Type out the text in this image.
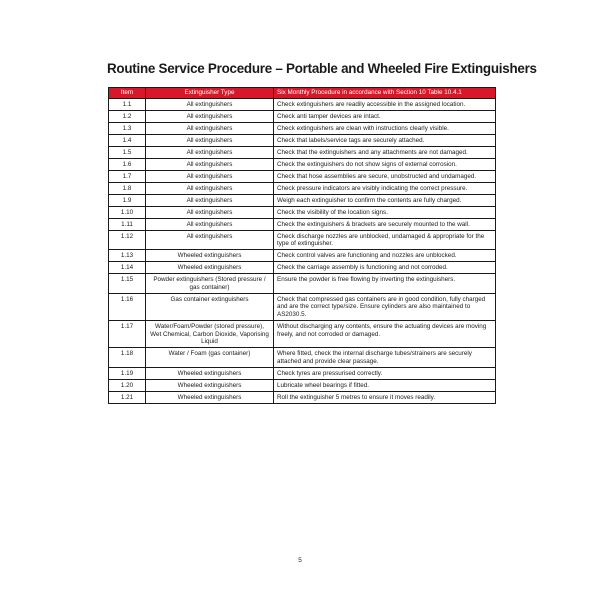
Routine Service Procedure – Portable and Wheeled Fire Extinguishers
Item	Extinguisher Type	Six Monthly Procedure in accordance with Section 10 Table 10.4.1
1.1	All extinguishers	Check extinguishers are readily accessible in the assigned location.
1.2	All extinguishers	Check anti tamper devices are intact.
1.3	All extinguishers	Check extinguishers are clean with instructions clearly visible.
1.4	All extinguishers	Check that labels/service tags are securely attached.
1.5	All extinguishers	Check that the extinguishers and any attachments are not damaged.
1.6	All extinguishers	Check the extinguishers do not show signs of external corrosion.
1.7	All extinguishers	Check that hose assemblies are secure, unobstructed and undamaged.
1.8	All extinguishers	Check pressure indicators are visibly indicating the correct pressure.
1.9	All extinguishers	Weigh each extinguisher to confirm the contents are fully charged.
1.10	All extinguishers	Check the visibility of the location signs.
1.11	All extinguishers	Check the extinguishers & brackets are securely mounted to the wall.
1.12	All extinguishers	Check discharge nozzles are unblocked, undamaged & appropriate for the type of extinguisher.
1.13	Wheeled extinguishers	Check control valves are functioning and nozzles are unblocked.
1.14	Wheeled extinguishers	Check the carriage assembly is functioning and not corroded.
1.15	Powder extinguishers (Stored pressure / gas container)	Ensure the powder is free flowing by inverting the extinguishers.
1.16	Gas container extinguishers	Check that compressed gas containers are in good condition, fully charged and are the correct type/size. Ensure cylinders are also maintained to AS2030.5.
1.17	Water/Foam/Powder (stored pressure), Wet Chemical, Carbon Dioxide, Vaporising Liquid	Without discharging any contents, ensure the actuating devices are moving freely, and not corroded or damaged.
1.18	Water / Foam (gas container)	Where fitted, check the internal discharge tubes/strainers are securely attached and provide clear passage.
1.19	Wheeled extinguishers	Check tyres are pressurised correctly.
1.20	Wheeled extinguishers	Lubricate wheel bearings if fitted.
1.21	Wheeled extinguishers	Roll the extinguisher 5 metres to ensure it moves readily.
5
